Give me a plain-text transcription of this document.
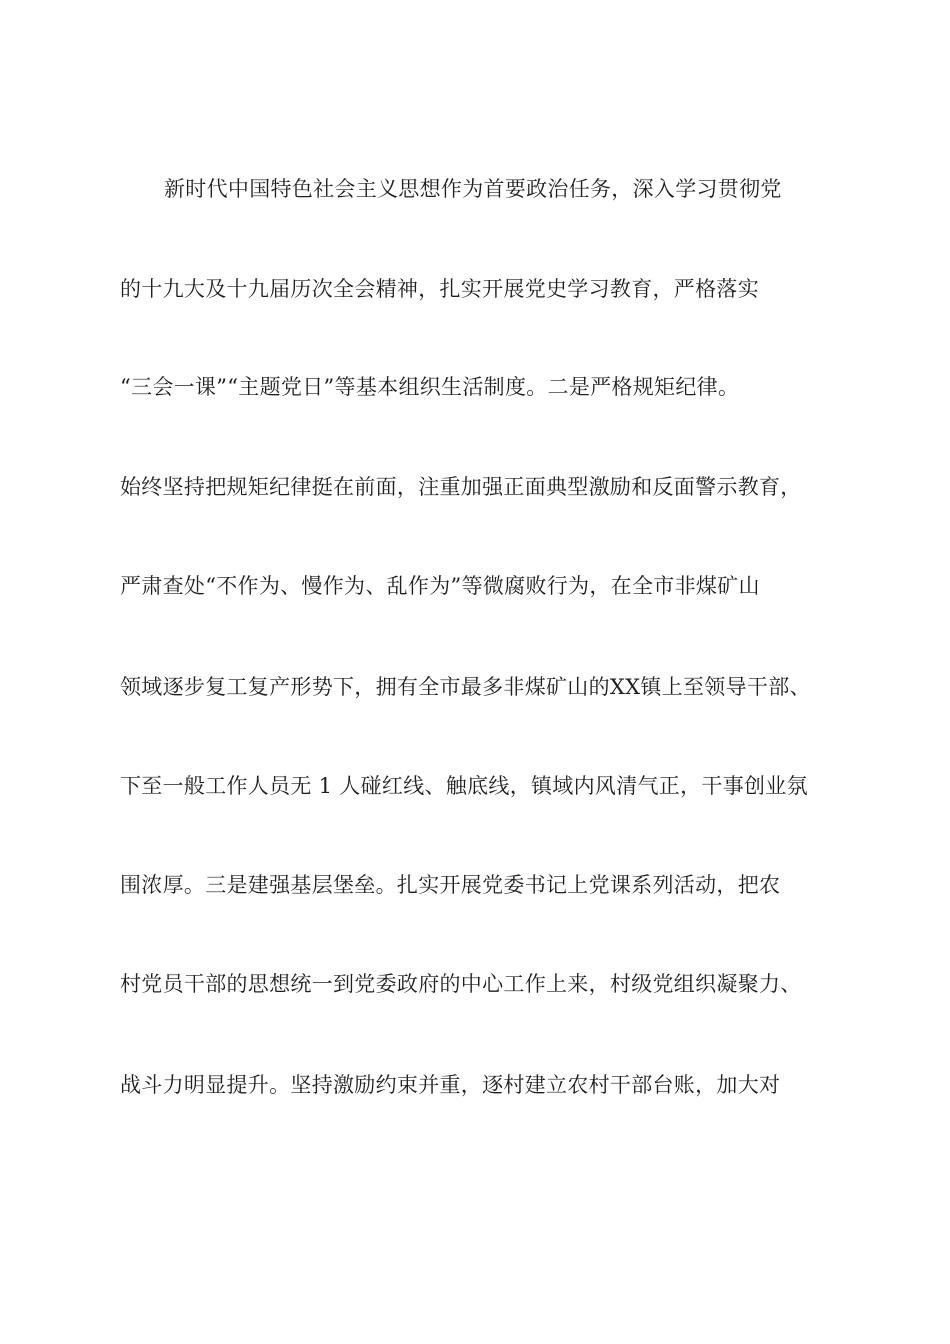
新时代中国特色社会主义思想作为首要政治任务，深入学习贯彻党
的十九大及十九届历次全会精神，扎实开展党史学习教育，严格落实
“三会一课”“主题党日”等基本组织生活制度。二是严格规矩纪律。
始终坚持把规矩纪律挺在前面，注重加强正面典型激励和反面警示教育，
严肃查处“不作为、慢作为、乱作为”等微腐败行为，在全市非煤矿山
领域逐步复工复产形势下，拥有全市最多非煤矿山的XX镇上至领导干部、
下至一般工作人员无 1 人碰红线、触底线，镇域内风清气正，干事创业氛
围浓厚。三是建强基层堡垒。扎实开展党委书记上党课系列活动，把农
村党员干部的思想统一到党委政府的中心工作上来，村级党组织凝聚力、
战斗力明显提升。坚持激励约束并重，逐村建立农村干部台账，加大对
